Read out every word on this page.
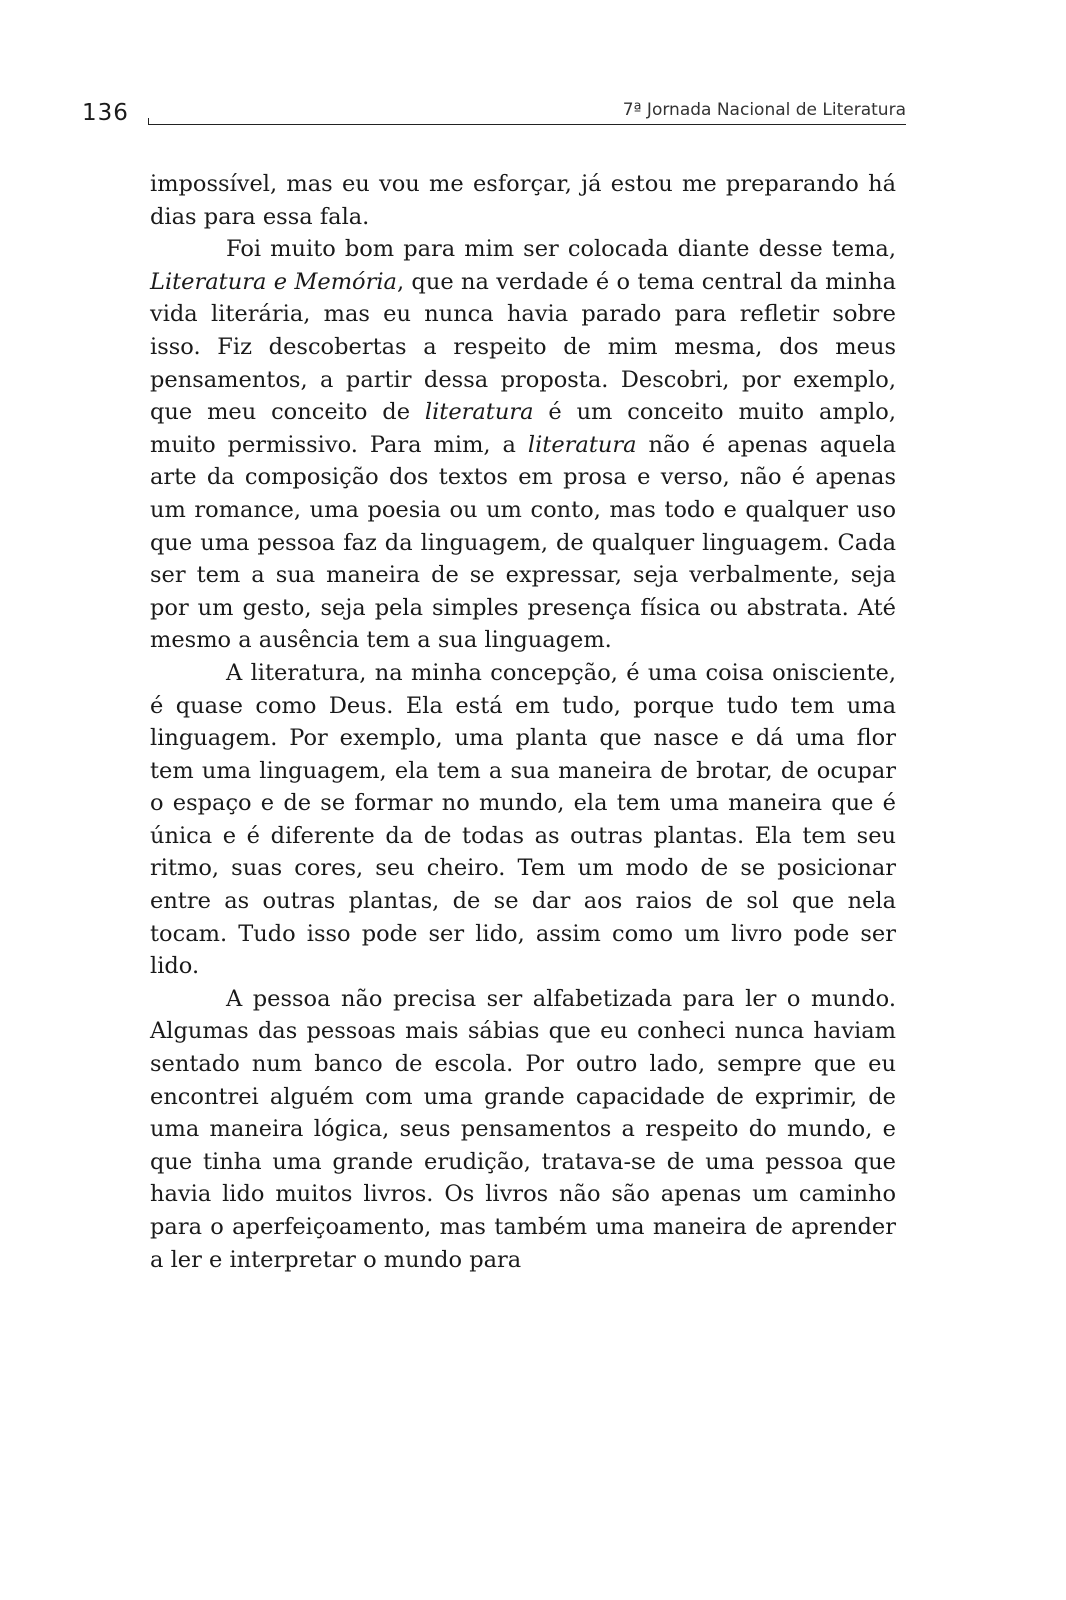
136	7ª Jornada Nacional de Literatura

impossível, mas eu vou me esforçar, já estou me preparando há dias para essa fala.

Foi muito bom para mim ser colocada diante desse tema, Literatura e Memória, que na verdade é o tema central da minha vida literária, mas eu nunca havia parado para refletir sobre isso. Fiz descobertas a respeito de mim mesma, dos meus pensamentos, a partir dessa proposta. Descobri, por exemplo, que meu conceito de literatura é um conceito muito amplo, muito permissivo. Para mim, a literatura não é apenas aquela arte da composição dos textos em prosa e verso, não é apenas um romance, uma poesia ou um conto, mas todo e qualquer uso que uma pessoa faz da linguagem, de qualquer linguagem. Cada ser tem a sua maneira de se expressar, seja verbalmente, seja por um gesto, seja pela simples presença física ou abstrata. Até mesmo a ausência tem a sua linguagem.

A literatura, na minha concepção, é uma coisa onisciente, é quase como Deus. Ela está em tudo, porque tudo tem uma linguagem. Por exemplo, uma planta que nasce e dá uma flor tem uma linguagem, ela tem a sua maneira de brotar, de ocupar o espaço e de se formar no mundo, ela tem uma maneira que é única e é diferente da de todas as outras plantas. Ela tem seu ritmo, suas cores, seu cheiro. Tem um modo de se posicionar entre as outras plantas, de se dar aos raios de sol que nela tocam. Tudo isso pode ser lido, assim como um livro pode ser lido.

A pessoa não precisa ser alfabetizada para ler o mundo. Algumas das pessoas mais sábias que eu conheci nunca haviam sentado num banco de escola. Por outro lado, sempre que eu encontrei alguém com uma grande capacidade de exprimir, de uma maneira lógica, seus pensamentos a respeito do mundo, e que tinha uma grande erudição, tratava-se de uma pessoa que havia lido muitos livros. Os livros não são apenas um caminho para o aperfeiçoamento, mas também uma maneira de aprender a ler e interpretar o mundo para
